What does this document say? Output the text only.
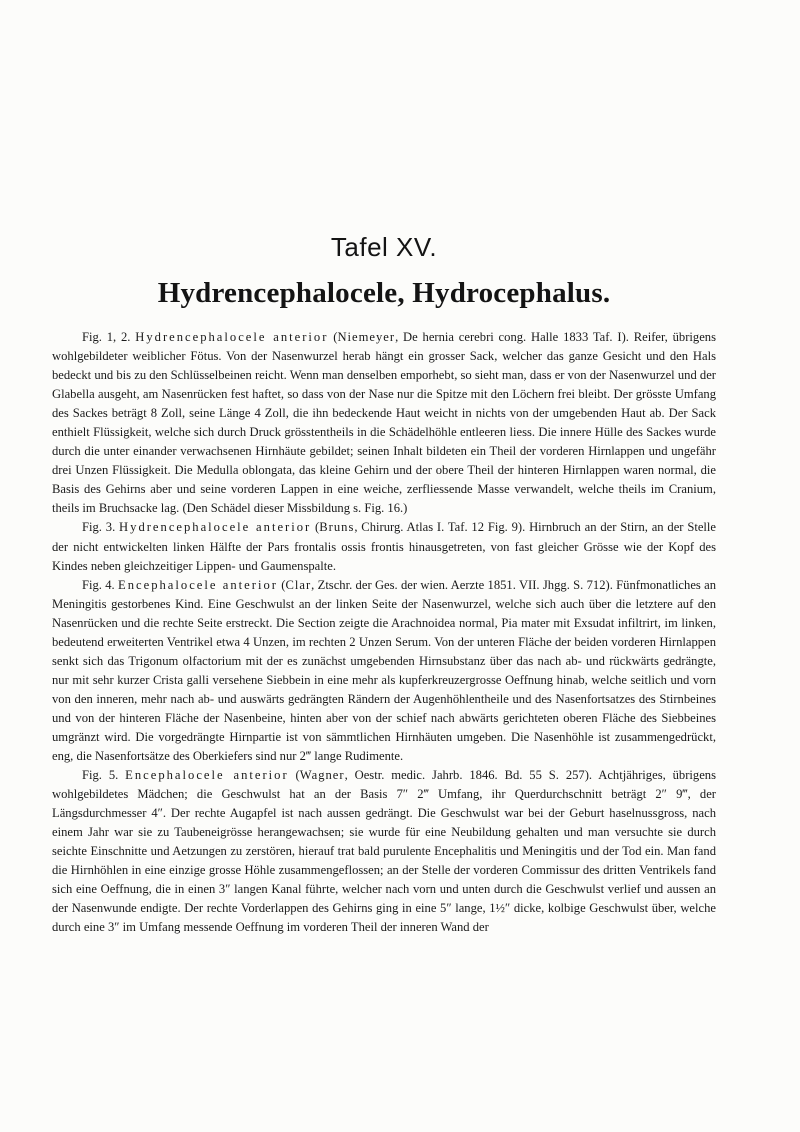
Tafel XV.
Hydrencephalocele, Hydrocephalus.

Fig. 1, 2. Hydrencephalocele anterior (Niemeyer, De hernia cerebri cong. Halle 1833 Taf. I). Reifer, übrigens wohlgebildeter weiblicher Fötus. Von der Nasenwurzel herab hängt ein grosser Sack, welcher das ganze Gesicht und den Hals bedeckt und bis zu den Schlüsselbeinen reicht. Wenn man denselben emporhebt, so sieht man, dass er von der Nasenwurzel und der Glabella ausgeht, am Nasenrücken fest haftet, so dass von der Nase nur die Spitze mit den Löchern frei bleibt. Der grösste Umfang des Sackes beträgt 8 Zoll, seine Länge 4 Zoll, die ihn bedeckende Haut weicht in nichts von der umgebenden Haut ab. Der Sack enthielt Flüssigkeit, welche sich durch Druck grösstentheils in die Schädelhöhle entleeren liess. Die innere Hülle des Sackes wurde durch die unter einander verwachsenen Hirnhäute gebildet; seinen Inhalt bildeten ein Theil der vorderen Hirnlappen und ungefähr drei Unzen Flüssigkeit. Die Medulla oblongata, das kleine Gehirn und der obere Theil der hinteren Hirnlappen waren normal, die Basis des Gehirns aber und seine vorderen Lappen in eine weiche, zerfliessende Masse verwandelt, welche theils im Cranium, theils im Bruchsacke lag. (Den Schädel dieser Missbildung s. Fig. 16.)

Fig. 3. Hydrencephalocele anterior (Bruns, Chirurg. Atlas I. Taf. 12 Fig. 9). Hirnbruch an der Stirn, an der Stelle der nicht entwickelten linken Hälfte der Pars frontalis ossis frontis hinausgetreten, von fast gleicher Grösse wie der Kopf des Kindes neben gleichzeitiger Lippen- und Gaumenspalte.

Fig. 4. Encephalocele anterior (Clar, Ztschr. der Ges. der wien. Aerzte 1851. VII. Jhgg. S. 712). Fünfmonatliches an Meningitis gestorbenes Kind. Eine Geschwulst an der linken Seite der Nasenwurzel, welche sich auch über die letztere auf den Nasenrücken und die rechte Seite erstreckt. Die Section zeigte die Arachnoidea normal, Pia mater mit Exsudat infiltrirt, im linken, bedeutend erweiterten Ventrikel etwa 4 Unzen, im rechten 2 Unzen Serum. Von der unteren Fläche der beiden vorderen Hirnlappen senkt sich das Trigonum olfactorium mit der es zunächst umgebenden Hirnsubstanz über das nach ab- und rückwärts gedrängte, nur mit sehr kurzer Crista galli versehene Siebbein in eine mehr als kupferkreuzergrosse Oeffnung hinab, welche seitlich und vorn von den inneren, mehr nach ab- und auswärts gedrängten Rändern der Augenhöhlentheile und des Nasenfortsatzes des Stirnbeines und von der hinteren Fläche der Nasenbeine, hinten aber von der schief nach abwärts gerichteten oberen Fläche des Siebbeines umgränzt wird. Die vorgedrängte Hirnpartie ist von sämmtlichen Hirnhäuten umgeben. Die Nasenhöhle ist zusammengedrückt, eng, die Nasenfortsätze des Oberkiefers sind nur 2‴ lange Rudimente.

Fig. 5. Encephalocele anterior (Wagner, Oestr. medic. Jahrb. 1846. Bd. 55 S. 257). Achtjähriges, übrigens wohlgebildetes Mädchen; die Geschwulst hat an der Basis 7″ 2‴ Umfang, ihr Querdurchschnitt beträgt 2″ 9‴, der Längsdurchmesser 4″. Der rechte Augapfel ist nach aussen gedrängt. Die Geschwulst war bei der Geburt haselnussgross, nach einem Jahr war sie zu Taubeneigrösse herangewachsen; sie wurde für eine Neubildung gehalten und man versuchte sie durch seichte Einschnitte und Aetzungen zu zerstören, hierauf trat bald purulente Encephalitis und Meningitis und der Tod ein. Man fand die Hirnhöhlen in eine einzige grosse Höhle zusammengeflossen; an der Stelle der vorderen Commissur des dritten Ventrikels fand sich eine Oeffnung, die in einen 3″ langen Kanal führte, welcher nach vorn und unten durch die Geschwulst verlief und aussen an der Nasenwunde endigte. Der rechte Vorderlappen des Gehirns ging in eine 5″ lange, 1½″ dicke, kolbige Geschwulst über, welche durch eine 3″ im Umfang messende Oeffnung im vorderen Theil der inneren Wand der
